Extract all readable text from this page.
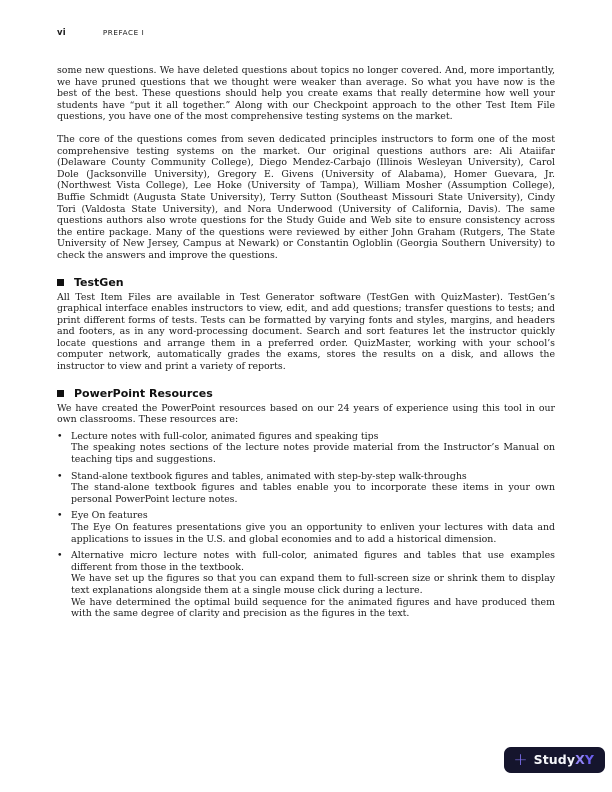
vi	PREFACE I

some new questions. We have deleted questions about topics no longer covered. And, more importantly, we have pruned questions that we thought were weaker than average. So what you have now is the best of the best. These questions should help you create exams that really determine how well your students have “put it all together.” Along with our Checkpoint approach to the other Test Item File questions, you have one of the most comprehensive testing systems on the market.

The core of the questions comes from seven dedicated principles instructors to form one of the most comprehensive testing systems on the market. Our original questions authors are: Ali Ataiifar (Delaware County Community College), Diego Mendez-Carbajo (Illinois Wesleyan University), Carol Dole (Jacksonville University), Gregory E. Givens (University of Alabama), Homer Guevara, Jr. (Northwest Vista College), Lee Hoke (University of Tampa), William Mosher (Assumption College), Buffie Schmidt (Augusta State University), Terry Sutton (Southeast Missouri State University), Cindy Tori (Valdosta State University), and Nora Underwood (University of California, Davis). The same questions authors also wrote questions for the Study Guide and Web site to ensure consistency across the entire package. Many of the questions were reviewed by either John Graham (Rutgers, The State University of New Jersey, Campus at Newark) or Constantin Ogloblin (Georgia Southern University) to check the answers and improve the questions.

TestGen

All Test Item Files are available in Test Generator software (TestGen with QuizMaster). TestGen’s graphical interface enables instructors to view, edit, and add questions; transfer questions to tests; and print different forms of tests. Tests can be formatted by varying fonts and styles, margins, and headers and footers, as in any word-processing document. Search and sort features let the instructor quickly locate questions and arrange them in a preferred order. QuizMaster, working with your school’s computer network, automatically grades the exams, stores the results on a disk, and allows the instructor to view and print a variety of reports.

PowerPoint Resources

We have created the PowerPoint resources based on our 24 years of experience using this tool in our own classrooms. These resources are:

•

Lecture notes with full-color, animated figures and speaking tips

The speaking notes sections of the lecture notes provide material from the Instructor’s Manual on teaching tips and suggestions.

•

Stand-alone textbook figures and tables, animated with step-by-step walk-throughs

The stand-alone textbook figures and tables enable you to incorporate these items in your own personal PowerPoint lecture notes.

•

Eye On features

The Eye On features presentations give you an opportunity to enliven your lectures with data and applications to issues in the U.S. and global economies and to add a historical dimension.

•

Alternative micro lecture notes with full-color, animated figures and tables that use examples different from those in the textbook.

We have set up the figures so that you can expand them to full-screen size or shrink them to display text explanations alongside them at a single mouse click during a lecture.

We have determined the optimal build sequence for the animated figures and have produced them with the same degree of clarity and precision as the figures in the text.

+ StudyXY
